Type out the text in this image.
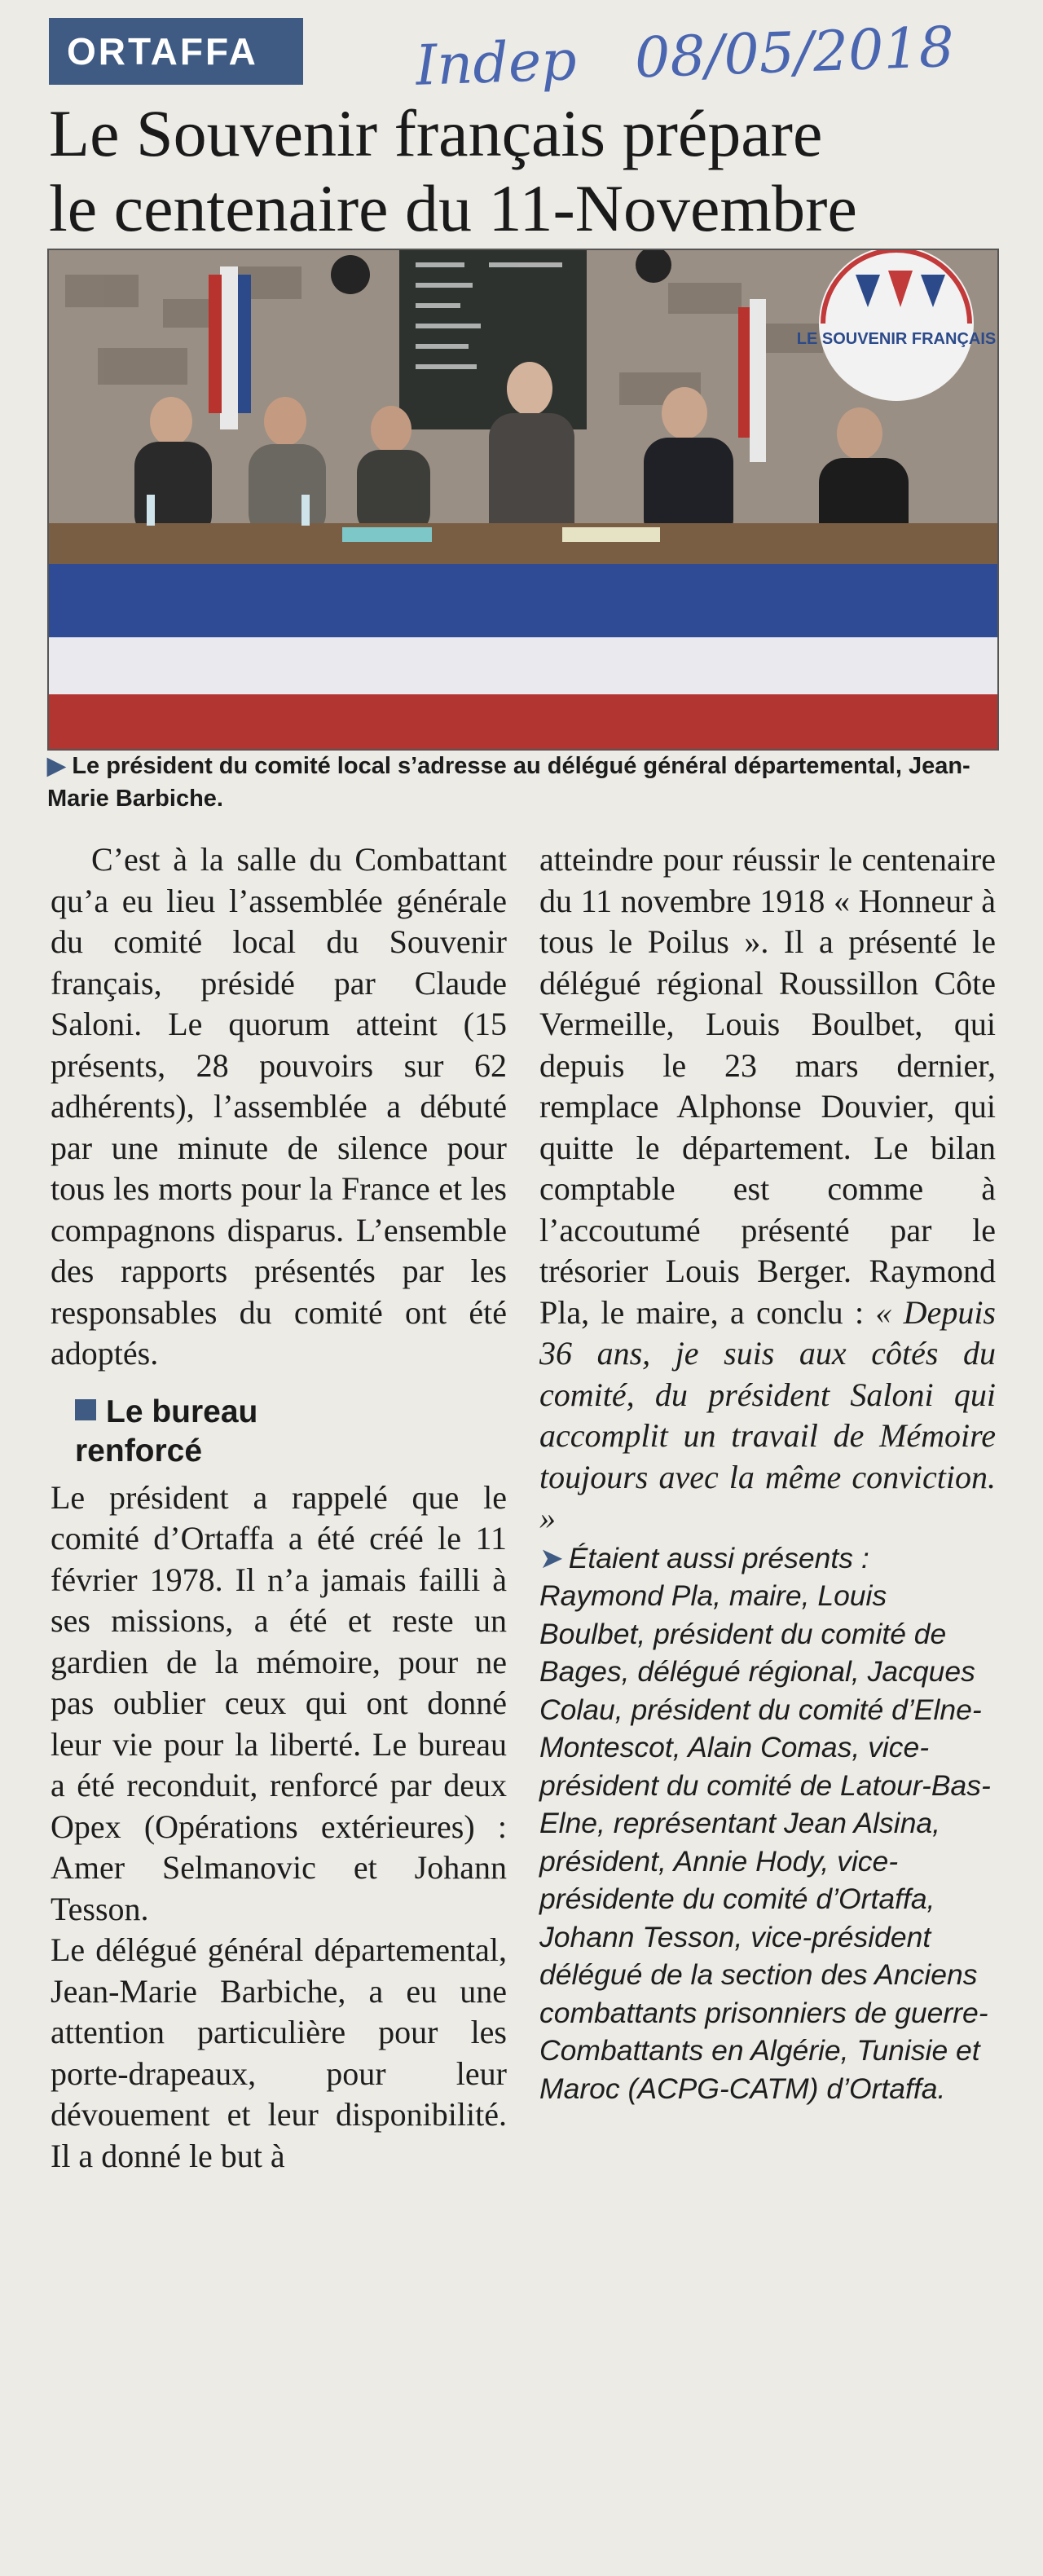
ORTAFFA	Indep 08/05/2018
Le Souvenir français prépare
le centenaire du 11-Novembre
LE SOUVENIR FRANÇAIS
▶ Le président du comité local s’adresse au délégué général départemental, Jean-Marie Barbiche.

C’est à la salle du Combattant qu’a eu lieu l’assemblée générale du comité local du Souvenir français, présidé par Claude Saloni. Le quorum atteint (15 présents, 28 pouvoirs sur 62 adhérents), l’assemblée a débuté par une minute de silence pour tous les morts pour la France et les compagnons disparus. L’ensemble des rapports présentés par les responsables du comité ont été adoptés.

Le bureau
renforcé

Le président a rappelé que le comité d’Ortaffa a été créé le 11 février 1978. Il n’a jamais failli à ses missions, a été et reste un gardien de la mémoire, pour ne pas oublier ceux qui ont donné leur vie pour la liberté. Le bureau a été reconduit, renforcé par deux Opex (Opérations extérieures) : Amer Selmanovic et Johann Tesson.

Le délégué général départemental, Jean-Marie Barbiche, a eu une attention particulière pour les porte-drapeaux, pour leur dévouement et leur disponibilité. Il a donné le but à

atteindre pour réussir le centenaire du 11 novembre 1918 « Honneur à tous le Poilus ». Il a présenté le délégué régional Roussillon Côte Vermeille, Louis Boulbet, qui depuis le 23 mars dernier, remplace Alphonse Douvier, qui quitte le département. Le bilan comptable est comme à l’accoutumé présenté par le trésorier Louis Berger. Raymond Pla, le maire, a conclu : « Depuis 36 ans, je suis aux côtés du comité, du président Saloni qui accomplit un travail de Mémoire toujours avec la même conviction. »

➤ Étaient aussi présents : Raymond Pla, maire, Louis Boulbet, président du comité de Bages, délégué régional, Jacques Colau, président du comité d’Elne-Montescot, Alain Comas, vice-président du comité de Latour-Bas-Elne, représentant Jean Alsina, président, Annie Hody, vice-présidente du comité d’Ortaffa, Johann Tesson, vice-président délégué de la section des Anciens combattants prisonniers de guerre-Combattants en Algérie, Tunisie et Maroc (ACPG-CATM) d’Ortaffa.
